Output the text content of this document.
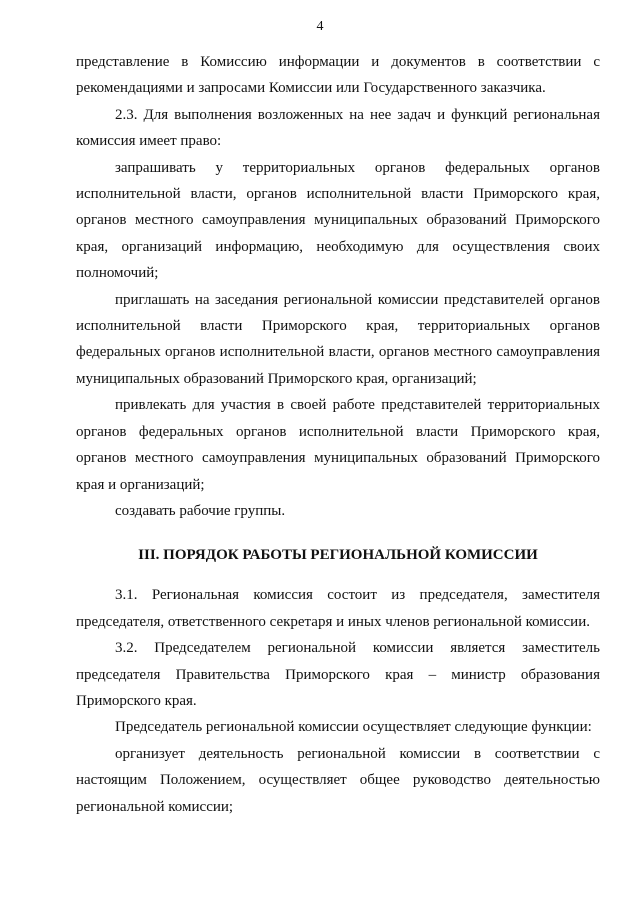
4

представление в Комиссию информации и документов в соответствии с рекомендациями и запросами Комиссии или Государственного заказчика.

2.3. Для выполнения возложенных на нее задач и функций региональная комиссия имеет право:

запрашивать у территориальных органов федеральных органов исполнительной власти, органов исполнительной власти Приморского края, органов местного самоуправления муниципальных образований Приморского края, организаций информацию, необходимую для осуществления своих полномочий;

приглашать на заседания региональной комиссии представителей органов исполнительной власти Приморского края, территориальных органов федеральных органов исполнительной власти, органов местного самоуправления муниципальных образований Приморского края, организаций;

привлекать для участия в своей работе представителей территориальных органов федеральных органов исполнительной власти Приморского края, органов местного самоуправления муниципальных образований Приморского края и организаций;

создавать рабочие группы.

III. ПОРЯДОК РАБОТЫ РЕГИОНАЛЬНОЙ КОМИССИИ

3.1. Региональная комиссия состоит из председателя, заместителя председателя, ответственного секретаря и иных членов региональной комиссии.

3.2. Председателем региональной комиссии является заместитель председателя Правительства Приморского края – министр образования Приморского края.

Председатель региональной комиссии осуществляет следующие функции:

организует деятельность региональной комиссии в соответствии с настоящим Положением, осуществляет общее руководство деятельностью региональной комиссии;
